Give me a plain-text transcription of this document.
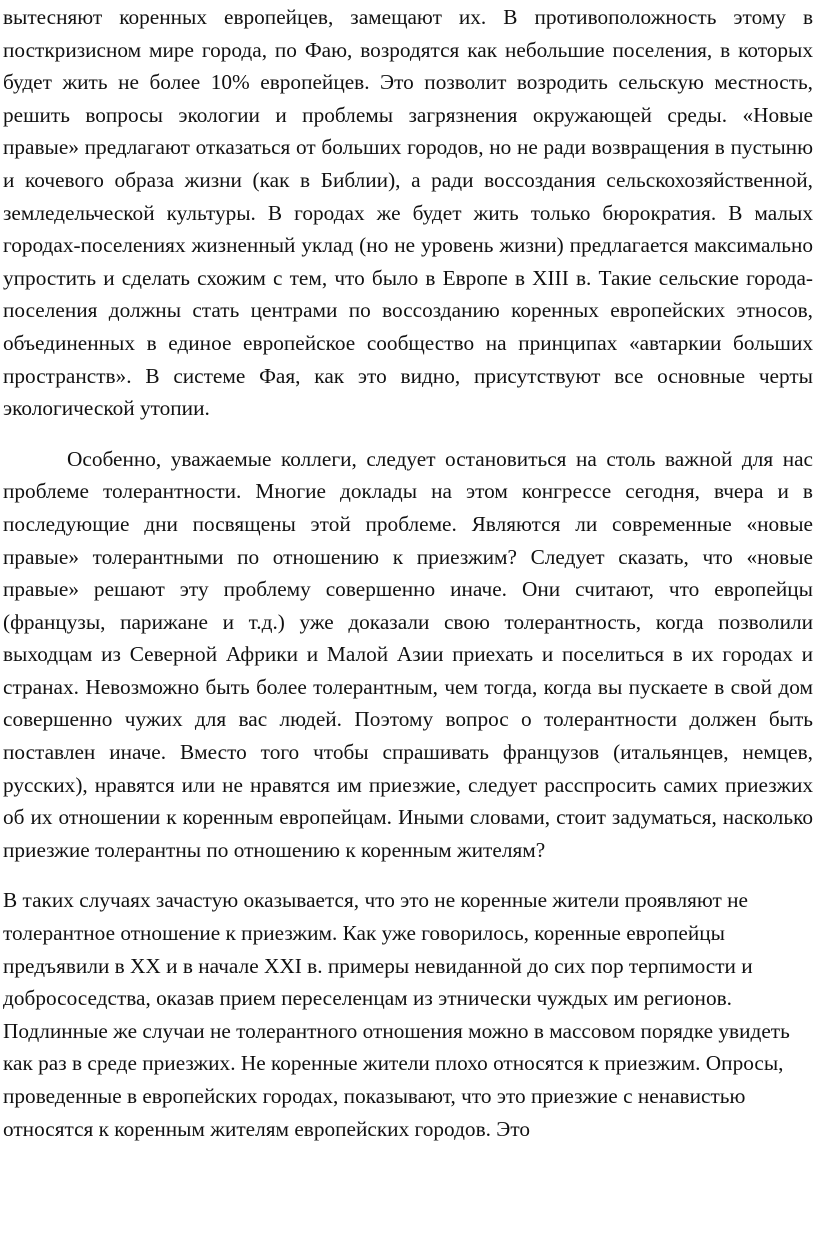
вытесняют коренных европейцев, замещают их. В противоположность этому в посткризисном мире города, по Фаю, возродятся как небольшие поселения, в которых будет жить не более 10% европейцев. Это позволит возродить сельскую местность, решить вопросы экологии и проблемы загрязнения окружающей среды. «Новые правые» предлагают отказаться от больших городов, но не ради возвращения в пустыню и кочевого образа жизни (как в Библии), а ради воссоздания сельскохозяйственной, земледельческой культуры. В городах же будет жить только бюрократия. В малых городах-поселениях жизненный уклад (но не уровень жизни) предлагается максимально упростить и сделать схожим с тем, что было в Европе в XIII в. Такие сельские города-поселения должны стать центрами по воссозданию коренных европейских этносов, объединенных в единое европейское сообщество на принципах «автаркии больших пространств». В системе Фая, как это видно, присутствуют все основные черты экологической утопии.

Особенно, уважаемые коллеги, следует остановиться на столь важной для нас проблеме толерантности. Многие доклады на этом конгрессе сегодня, вчера и в последующие дни посвящены этой проблеме. Являются ли современные «новые правые» толерантными по отношению к приезжим? Следует сказать, что «новые правые» решают эту проблему совершенно иначе. Они считают, что европейцы (французы, парижане и т.д.) уже доказали свою толерантность, когда позволили выходцам из Северной Африки и Малой Азии приехать и поселиться в их городах и странах. Невозможно быть более толерантным, чем тогда, когда вы пускаете в свой дом совершенно чужих для вас людей. Поэтому вопрос о толерантности должен быть поставлен иначе. Вместо того чтобы спрашивать французов (итальянцев, немцев, русских), нравятся или не нравятся им приезжие, следует расспросить самих приезжих об их отношении к коренным европейцам. Иными словами, стоит задуматься, насколько приезжие толерантны по отношению к коренным жителям?

В таких случаях зачастую оказывается, что это не коренные жители проявляют не толерантное отношение к приезжим. Как уже говорилось, коренные европейцы предъявили в XX и в начале XXI в. примеры невиданной до сих пор терпимости и добрососедства, оказав прием переселенцам из этнически чуждых им регионов. Подлинные же случаи не толерантного отношения можно в массовом порядке увидеть как раз в среде приезжих. Не коренные жители плохо относятся к приезжим. Опросы, проведенные в европейских городах, показывают, что это приезжие с ненавистью относятся к коренным жителям европейских городов. Это
